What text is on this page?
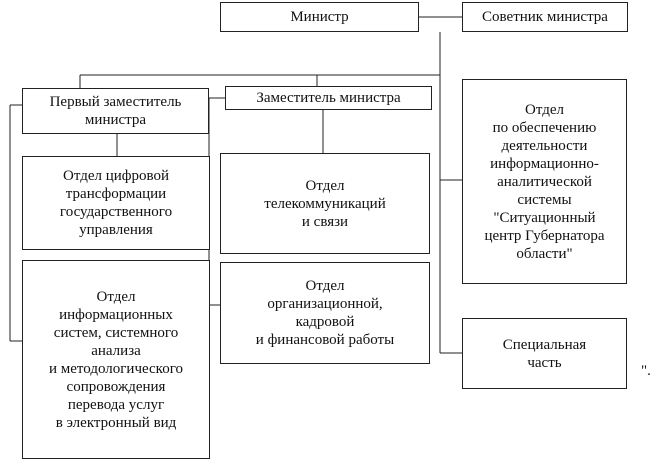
Министр	Советник министра
Первый заместитель
министра
Заместитель министра
Отдел цифровой
трансформации
государственного
управления
Отдел
информационных
систем, системного
анализа
и методологического
сопровождения
перевода услуг
в электронный вид
Отдел
телекоммуникаций
и связи
Отдел
организационной,
кадровой
и финансовой работы
Отдел
по обеспечению
деятельности
информационно-
аналитической
системы
"Ситуационный
центр Губернатора
области"
Специальная
часть
".
